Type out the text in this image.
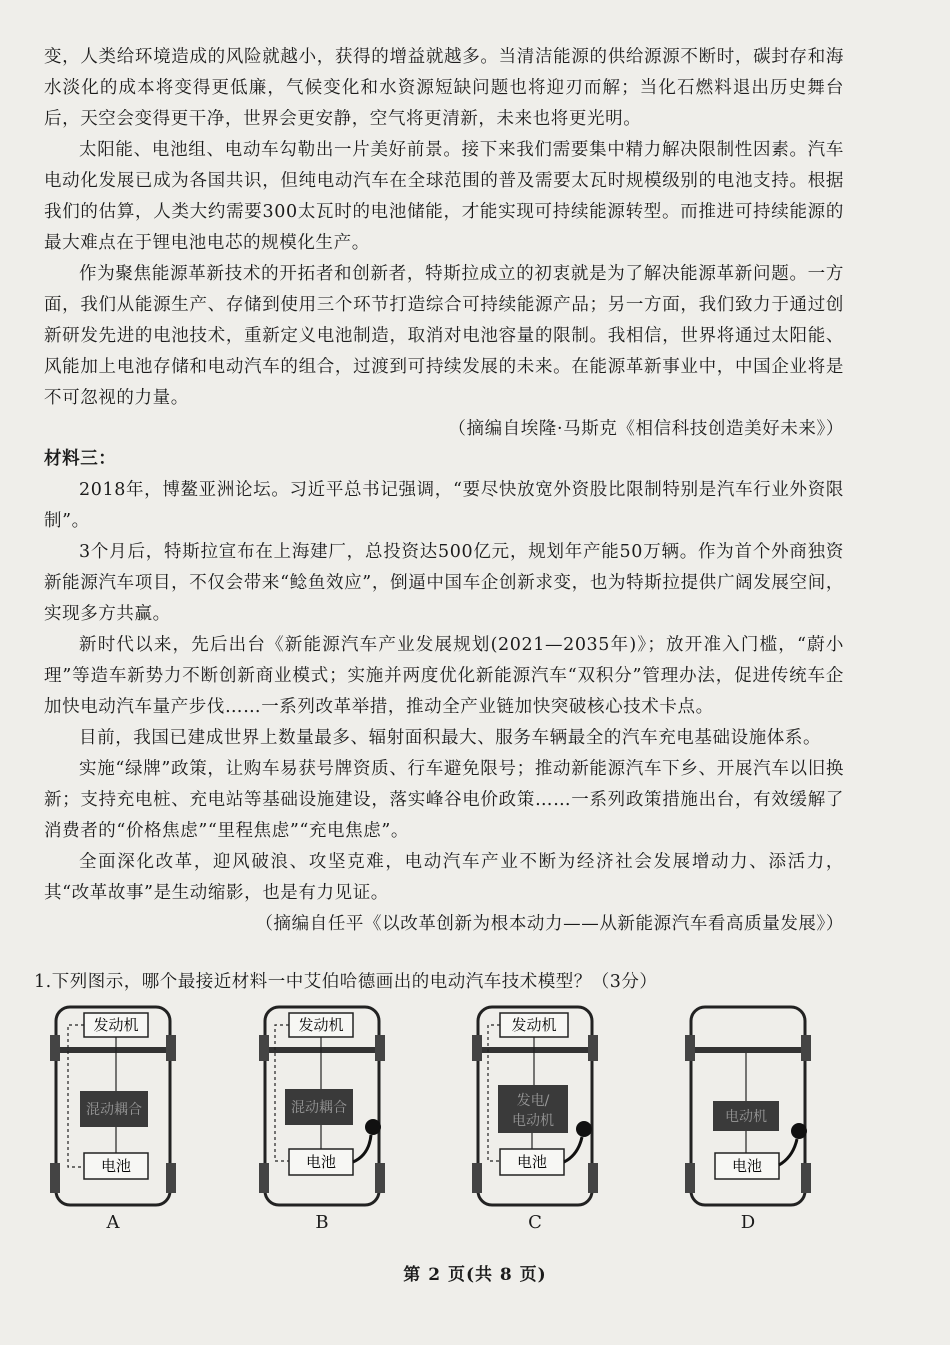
变，人类给环境造成的风险就越小，获得的增益就越多。当清洁能源的供给源源不断时，碳封存和海水淡化的成本将变得更低廉，气候变化和水资源短缺问题也将迎刃而解；当化石燃料退出历史舞台后，天空会变得更干净，世界会更安静，空气将更清新，未来也将更光明。

太阳能、电池组、电动车勾勒出一片美好前景。接下来我们需要集中精力解决限制性因素。汽车电动化发展已成为各国共识，但纯电动汽车在全球范围的普及需要太瓦时规模级别的电池支持。根据我们的估算，人类大约需要300太瓦时的电池储能，才能实现可持续能源转型。而推进可持续能源的最大难点在于锂电池电芯的规模化生产。

作为聚焦能源革新技术的开拓者和创新者，特斯拉成立的初衷就是为了解决能源革新问题。一方面，我们从能源生产、存储到使用三个环节打造综合可持续能源产品；另一方面，我们致力于通过创新研发先进的电池技术，重新定义电池制造，取消对电池容量的限制。我相信，世界将通过太阳能、风能加上电池存储和电动汽车的组合，过渡到可持续发展的未来。在能源革新事业中，中国企业将是不可忽视的力量。

（摘编自埃隆·马斯克《相信科技创造美好未来》）

材料三：

2018年，博鳌亚洲论坛。习近平总书记强调，“要尽快放宽外资股比限制特别是汽车行业外资限制”。

3个月后，特斯拉宣布在上海建厂，总投资达500亿元，规划年产能50万辆。作为首个外商独资新能源汽车项目，不仅会带来“鲶鱼效应”，倒逼中国车企创新求变，也为特斯拉提供广阔发展空间，实现多方共赢。

新时代以来，先后出台《新能源汽车产业发展规划(2021—2035年)》；放开准入门槛，“蔚小理”等造车新势力不断创新商业模式；实施并两度优化新能源汽车“双积分”管理办法，促进传统车企加快电动汽车量产步伐……一系列改革举措，推动全产业链加快突破核心技术卡点。

目前，我国已建成世界上数量最多、辐射面积最大、服务车辆最全的汽车充电基础设施体系。

实施“绿牌”政策，让购车易获号牌资质、行车避免限号；推动新能源汽车下乡、开展汽车以旧换新；支持充电桩、充电站等基础设施建设，落实峰谷电价政策……一系列政策措施出台，有效缓解了消费者的“价格焦虑”“里程焦虑”“充电焦虑”。

全面深化改革，迎风破浪、攻坚克难，电动汽车产业不断为经济社会发展增动力、添活力，其“改革故事”是生动缩影，也是有力见证。

（摘编自任平《以改革创新为根本动力——从新能源汽车看高质量发展》）

1.下列图示，哪个最接近材料一中艾伯哈德画出的电动汽车技术模型？（3分）
发动机
混动耦合
电池
发动机
混动耦合
电池
发动机
发电/
电动机
电池
电动机
电池
A	B	C	D
第 2 页(共 8 页)
